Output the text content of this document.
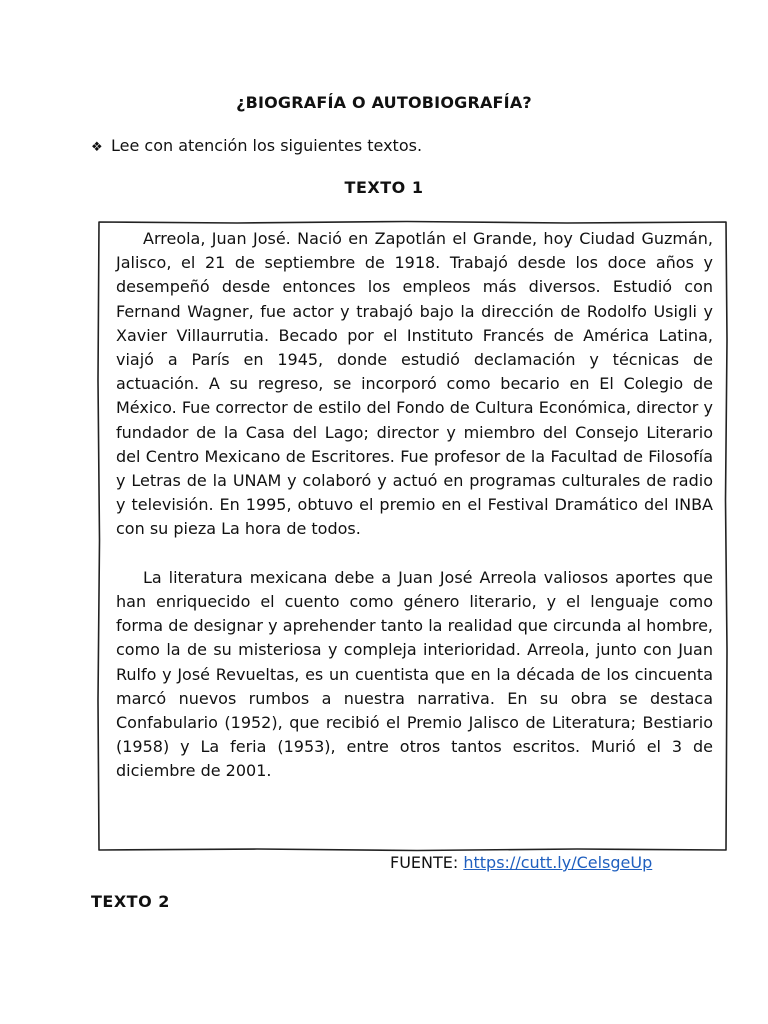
¿BIOGRAFÍA O AUTOBIOGRAFÍA?
❖ Lee con atención los siguientes textos.
TEXTO 1

Arreola, Juan José. Nació en Zapotlán el Grande, hoy Ciudad Guzmán, Jalisco, el 21 de septiembre de 1918. Trabajó desde los doce años y desempeñó desde entonces los empleos más diversos. Estudió con Fernand Wagner, fue actor y trabajó bajo la dirección de Rodolfo Usigli y Xavier Villaurrutia. Becado por el Instituto Francés de América Latina, viajó a París en 1945, donde estudió declamación y técnicas de actuación. A su regreso, se incorporó como becario en El Colegio de México. Fue corrector de estilo del Fondo de Cultura Económica, director y fundador de la Casa del Lago; director y miembro del Consejo Literario del Centro Mexicano de Escritores. Fue profesor de la Facultad de Filosofía y Letras de la UNAM y colaboró y actuó en programas culturales de radio y televisión. En 1995, obtuvo el premio en el Festival Dramático del INBA con su pieza La hora de todos.

La literatura mexicana debe a Juan José Arreola valiosos aportes que han enriquecido el cuento como género literario, y el lenguaje como forma de designar y aprehender tanto la realidad que circunda al hombre, como la de su misteriosa y compleja interioridad. Arreola, junto con Juan Rulfo y José Revueltas, es un cuentista que en la década de los cincuenta marcó nuevos rumbos a nuestra narrativa. En su obra se destaca Confabulario (1952), que recibió el Premio Jalisco de Literatura; Bestiario (1958) y La feria (1953), entre otros tantos escritos. Murió el 3 de diciembre de 2001.

FUENTE: https://cutt.ly/CelsgeUp
TEXTO 2
